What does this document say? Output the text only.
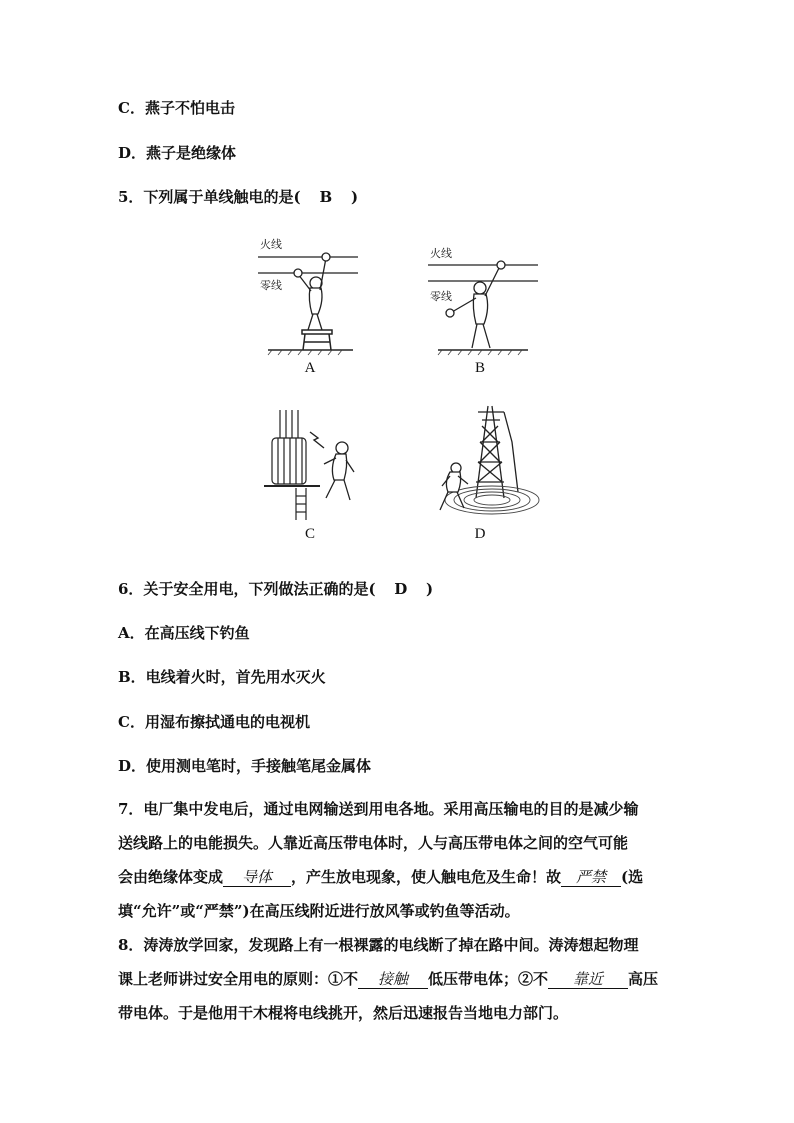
C．燕子不怕电击
D．燕子是绝缘体
5．下列属于单线触电的是( B )
火线
零线
A
火线
零线
B
C	D
6．关于安全用电，下列做法正确的是( D )
A．在高压线下钓鱼
B．电线着火时，首先用水灭火
C．用湿布擦拭通电的电视机
D．使用测电笔时，手接触笔尾金属体
7．电厂集中发电后，通过电网输送到用电各地。采用高压输电的目的是减少输
送线路上的电能损失。人靠近高压带电体时，人与高压带电体之间的空气可能
会由绝缘体变成 导体 ，产生放电现象，使人触电危及生命！故 严禁 (选
填“允许”或“严禁”)在高压线附近进行放风筝或钓鱼等活动。
8．涛涛放学回家，发现路上有一根裸露的电线断了掉在路中间。涛涛想起物理
课上老师讲过安全用电的原则：①不 接触 低压带电体；②不 靠近 高压
带电体。于是他用干木棍将电线挑开，然后迅速报告当地电力部门。
